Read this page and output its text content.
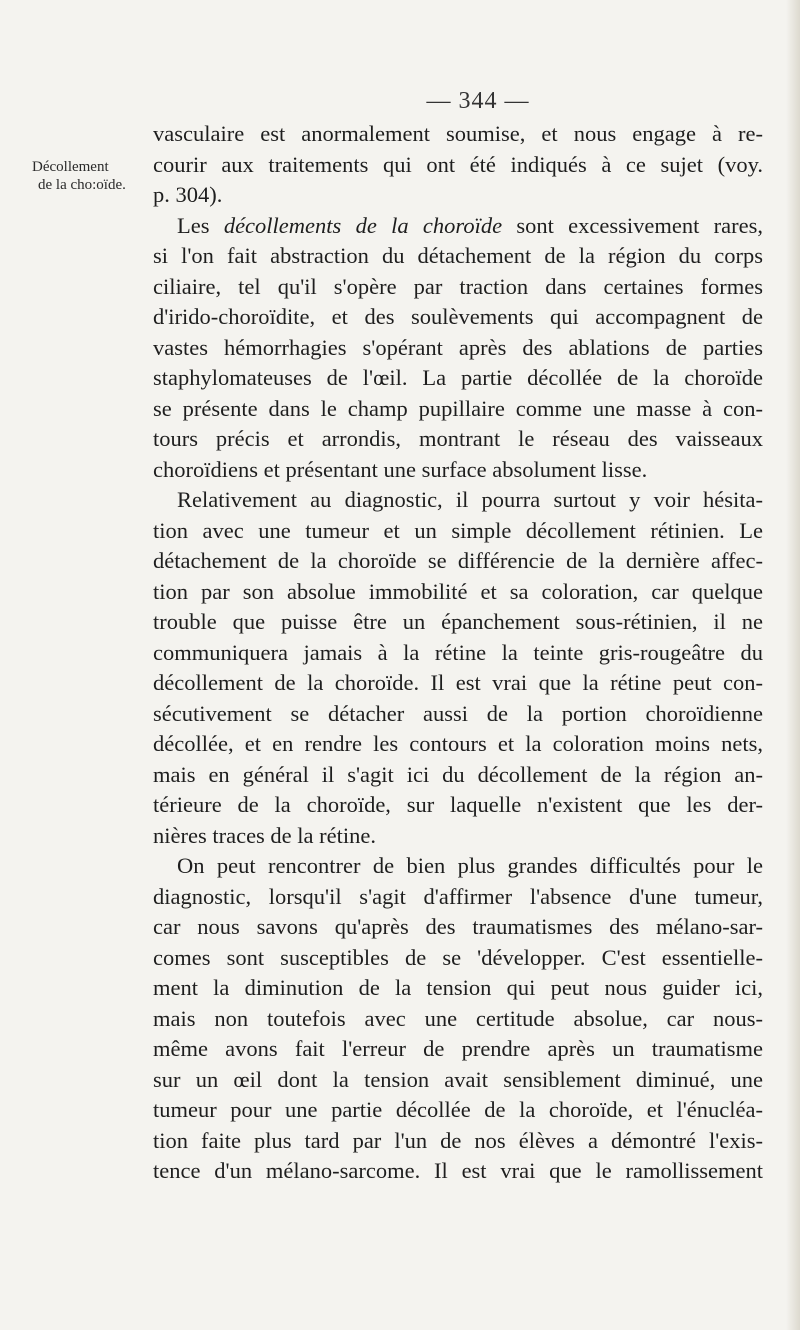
— 344 —
Décollement
de la cho:oïde.
vasculaire est anormalement soumise, et nous engage à re-
courir aux traitements qui ont été indiqués à ce sujet (voy.
p. 304).
Les décollements de la choroïde sont excessivement rares,
si l'on fait abstraction du détachement de la région du corps
ciliaire, tel qu'il s'opère par traction dans certaines formes
d'irido-choroïdite, et des soulèvements qui accompagnent de
vastes hémorrhagies s'opérant après des ablations de parties
staphylomateuses de l'œil. La partie décollée de la choroïde
se présente dans le champ pupillaire comme une masse à con-
tours précis et arrondis, montrant le réseau des vaisseaux
choroïdiens et présentant une surface absolument lisse.
Relativement au diagnostic, il pourra surtout y voir hésita-
tion avec une tumeur et un simple décollement rétinien. Le
détachement de la choroïde se différencie de la dernière affec-
tion par son absolue immobilité et sa coloration, car quelque
trouble que puisse être un épanchement sous-rétinien, il ne
communiquera jamais à la rétine la teinte gris-rougeâtre du
décollement de la choroïde. Il est vrai que la rétine peut con-
sécutivement se détacher aussi de la portion choroïdienne
décollée, et en rendre les contours et la coloration moins nets,
mais en général il s'agit ici du décollement de la région an-
térieure de la choroïde, sur laquelle n'existent que les der-
nières traces de la rétine.
On peut rencontrer de bien plus grandes difficultés pour le
diagnostic, lorsqu'il s'agit d'affirmer l'absence d'une tumeur,
car nous savons qu'après des traumatismes des mélano-sar-
comes sont susceptibles de se 'développer. C'est essentielle-
ment la diminution de la tension qui peut nous guider ici,
mais non toutefois avec une certitude absolue, car nous-
même avons fait l'erreur de prendre après un traumatisme
sur un œil dont la tension avait sensiblement diminué, une
tumeur pour une partie décollée de la choroïde, et l'énucléa-
tion faite plus tard par l'un de nos élèves a démontré l'exis-
tence d'un mélano-sarcome. Il est vrai que le ramollissement
